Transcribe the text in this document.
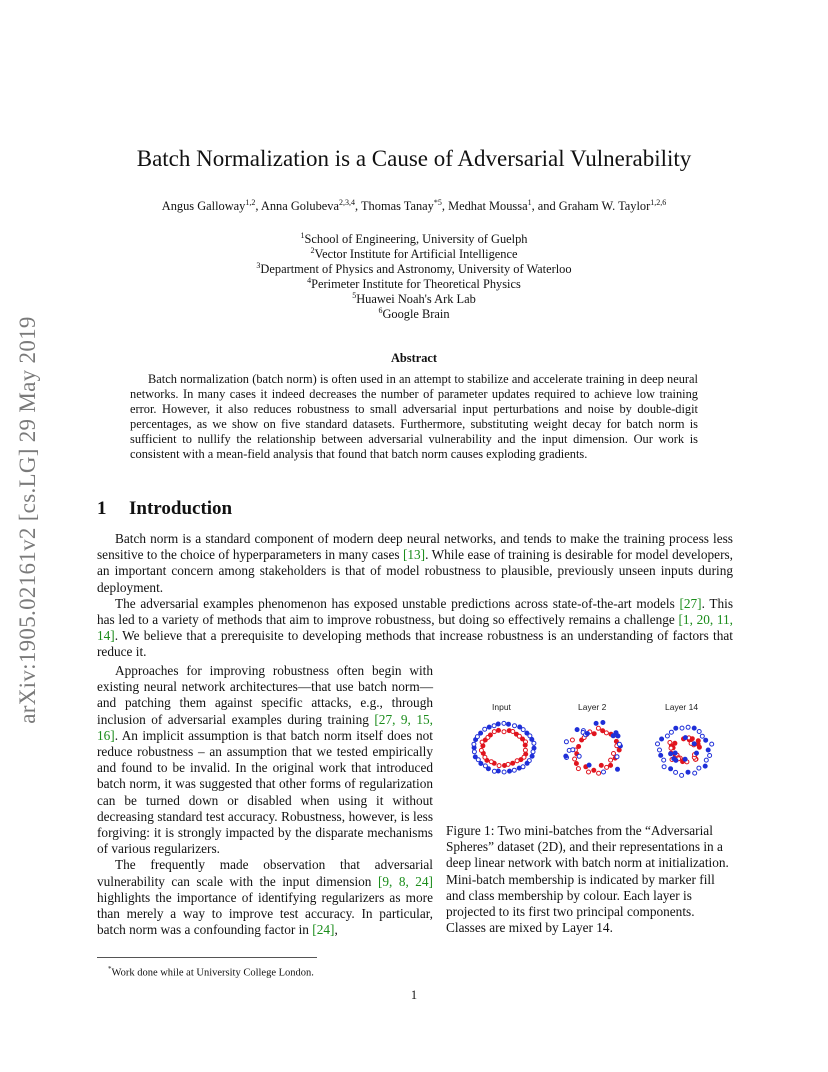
arXiv:1905.02161v2 [cs.LG] 29 May 2019
Batch Normalization is a Cause of Adversarial Vulnerability
Angus Galloway$^{1,2}$, Anna Golubeva$^{2,3,4}$, Thomas Tanay$^{*5}$, Medhat Moussa$^1$, and Graham W. Taylor$^{1,2,6}$
$^1$School of Engineering, University of Guelph
$^2$Vector Institute for Artificial Intelligence
$^3$Department of Physics and Astronomy, University of Waterloo
$^4$Perimeter Institute for Theoretical Physics
$^5$Huawei Noah's Ark Lab
$^6$Google Brain
Abstract

Batch normalization (batch norm) is often used in an attempt to stabilize and accelerate training in deep neural networks. In many cases it indeed decreases the number of parameter updates required to achieve low training error. However, it also reduces robustness to small adversarial input perturbations and noise by double-digit percentages, as we show on five standard datasets. Furthermore, substituting weight decay for batch norm is sufficient to nullify the relationship between adversarial vulnerability and the input dimension. Our work is consistent with a mean-field analysis that found that batch norm causes exploding gradients.

1 Introduction

Batch norm is a standard component of modern deep neural networks, and tends to make the training process less sensitive to the choice of hyperparameters in many cases [13]. While ease of training is desirable for model developers, an important concern among stakeholders is that of model robustness to plausible, previously unseen inputs during deployment.

The adversarial examples phenomenon has exposed unstable predictions across state-of-the-art models [27]. This has led to a variety of methods that aim to improve robustness, but doing so effectively remains a challenge [1, 20, 11, 14]. We believe that a prerequisite to developing methods that increase robustness is an understanding of factors that reduce it.

Approaches for improving robustness often begin with existing neural network architectures—that use batch norm—and patching them against specific attacks, e.g., through inclusion of adversarial examples during training [27, 9, 15, 16]. An implicit assumption is that batch norm itself does not reduce robustness – an assumption that we tested empirically and found to be invalid. In the original work that introduced batch norm, it was suggested that other forms of regularization can be turned down or disabled when using it without decreasing standard test accuracy. Robustness, however, is less forgiving: it is strongly impacted by the disparate mechanisms of various regularizers.

The frequently made observation that adversarial vulnerability can scale with the input dimension [9, 8, 24] highlights the importance of identifying regularizers as more than merely a way to improve test accuracy. In particular, batch norm was a confounding factor in [24],

Input	Layer 2	Layer 14
Figure 1: Two mini-batches from the “Adversarial Spheres” dataset (2D), and their representations in a deep linear network with batch norm at initialization. Mini-batch membership is indicated by marker fill and class membership by colour. Each layer is projected to its first two principal components. Classes are mixed by Layer 14.
*Work done while at University College London.
1
